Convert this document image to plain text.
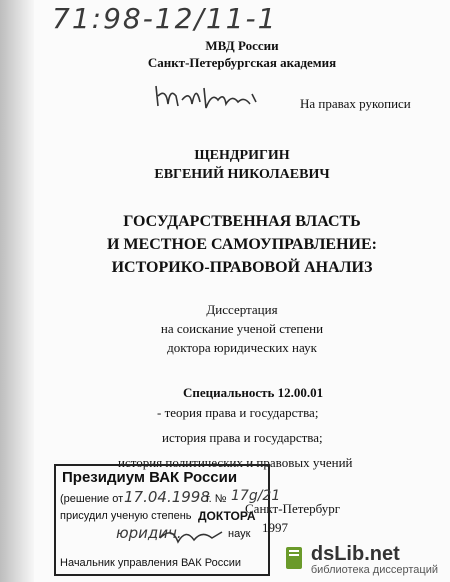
71:98-12/11-1
МВД России
Санкт-Петербургская академия
На правах рукописи
ЩЕНДРИГИН
ЕВГЕНИЙ НИКОЛАЕВИЧ
ГОСУДАРСТВЕННАЯ ВЛАСТЬ
И МЕСТНОЕ САМОУПРАВЛЕНИЕ:
ИСТОРИКО-ПРАВОВОЙ АНАЛИЗ
Диссертация
на соискание ученой степени
доктора юридических наук
Специальность 12.00.01
- теория права и государства;
история права и государства;
история политических и правовых учений
Санкт-Петербург
1997
Президиум ВАК России
(решение от 17.04.1998
г. № 17g/21
присудил ученую степень ДОКТОРА
юридич.	наук
Начальник управления ВАК России	dsLib.net
библиотека диссертаций
